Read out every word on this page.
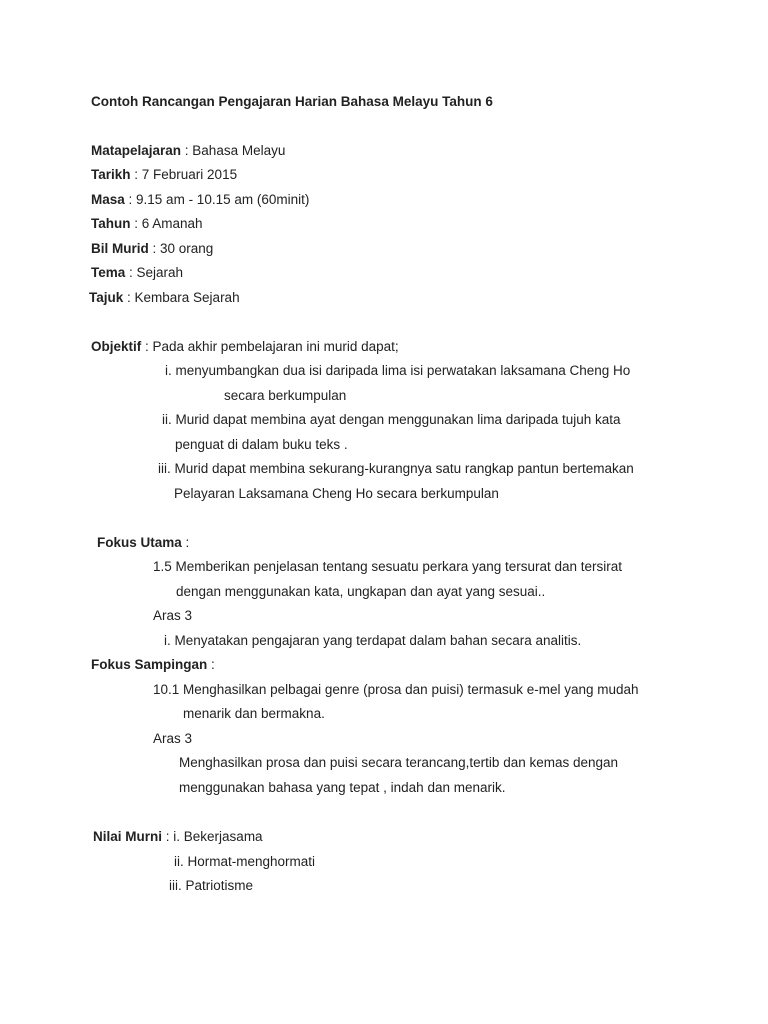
Contoh Rancangan Pengajaran Harian Bahasa Melayu Tahun 6
Matapelajaran : Bahasa Melayu
Tarikh : 7 Februari 2015
Masa : 9.15 am - 10.15 am (60minit)
Tahun : 6 Amanah
Bil Murid : 30 orang
Tema : Sejarah
Tajuk : Kembara Sejarah
Objektif : Pada akhir pembelajaran ini murid dapat;
i. menyumbangkan dua isi daripada lima isi perwatakan laksamana Cheng Ho
secara berkumpulan
ii. Murid dapat membina ayat dengan menggunakan lima daripada tujuh kata
penguat di dalam buku teks .
iii. Murid dapat membina sekurang-kurangnya satu rangkap pantun bertemakan
Pelayaran Laksamana Cheng Ho secara berkumpulan
Fokus Utama :
1.5 Memberikan penjelasan tentang sesuatu perkara yang tersurat dan tersirat
dengan menggunakan kata, ungkapan dan ayat yang sesuai..
Aras 3
i. Menyatakan pengajaran yang terdapat dalam bahan secara analitis.
Fokus Sampingan :
10.1 Menghasilkan pelbagai genre (prosa dan puisi) termasuk e-mel yang mudah
menarik dan bermakna.
Aras 3
Menghasilkan prosa dan puisi secara terancang,tertib dan kemas dengan
menggunakan bahasa yang tepat , indah dan menarik.
Nilai Murni : i. Bekerjasama
ii. Hormat-menghormati
iii. Patriotisme
